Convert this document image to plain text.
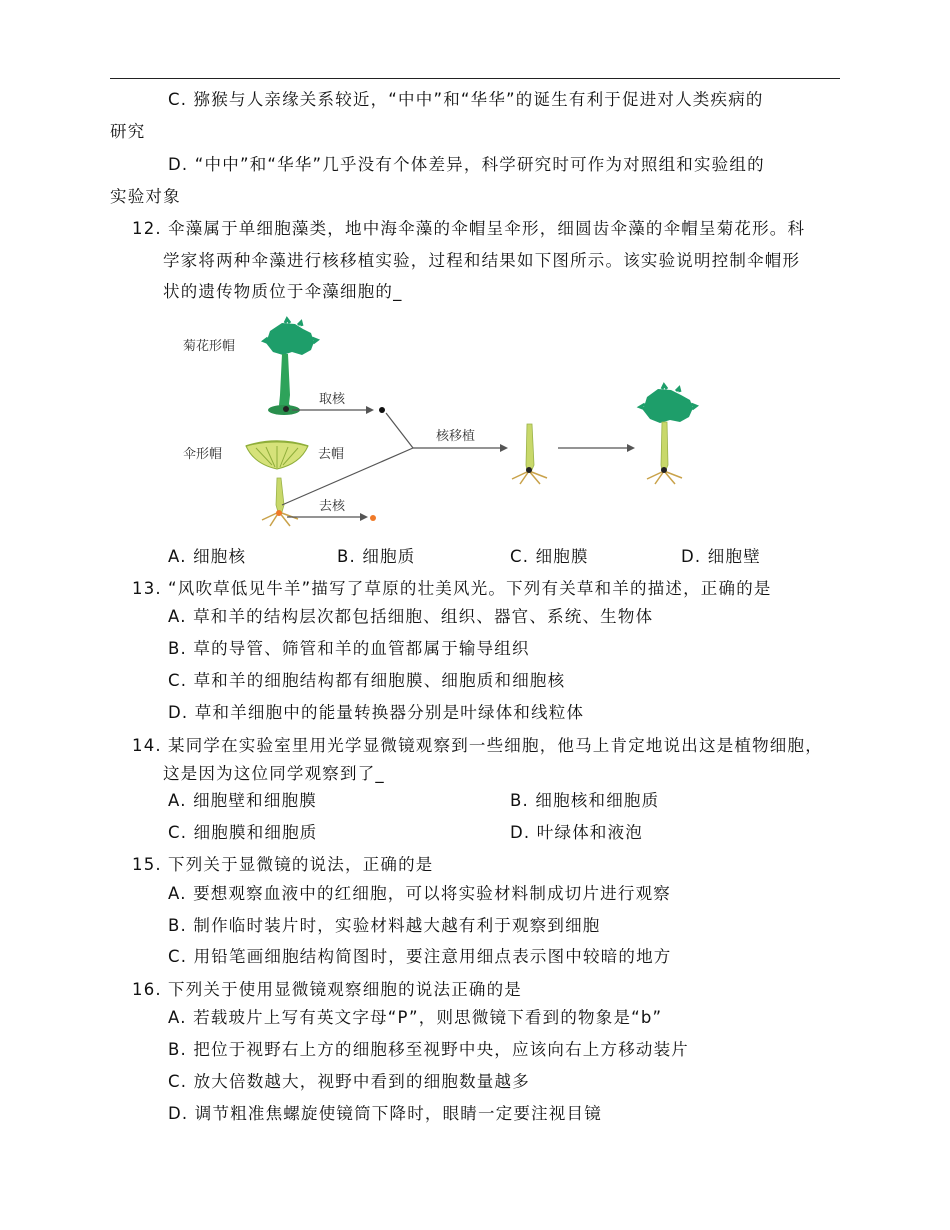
C. 猕猴与人亲缘关系较近，“中中”和“华华”的诞生有利于促进对人类疾病的
研究
D. “中中”和“华华”几乎没有个体差异，科学研究时可作为对照组和实验组的
实验对象
12. 伞藻属于单细胞藻类，地中海伞藻的伞帽呈伞形，细圆齿伞藻的伞帽呈菊花形。科
学家将两种伞藻进行核移植实验，过程和结果如下图所示。该实验说明控制伞帽形
状的遗传物质位于伞藻细胞的_
菊花形帽
取核
伞形帽	去帽
去核
核移植
A. 细胞核	B. 细胞质	C. 细胞膜	D. 细胞壁
13. “风吹草低见牛羊”描写了草原的壮美风光。下列有关草和羊的描述，正确的是
A. 草和羊的结构层次都包括细胞、组织、器官、系统、生物体
B. 草的导管、筛管和羊的血管都属于输导组织
C. 草和羊的细胞结构都有细胞膜、细胞质和细胞核
D. 草和羊细胞中的能量转换器分别是叶绿体和线粒体
14. 某同学在实验室里用光学显微镜观察到一些细胞，他马上肯定地说出这是植物细胞，
这是因为这位同学观察到了_
A. 细胞壁和细胞膜	B. 细胞核和细胞质
C. 细胞膜和细胞质	D. 叶绿体和液泡
15. 下列关于显微镜的说法，正确的是
A. 要想观察血液中的红细胞，可以将实验材料制成切片进行观察
B. 制作临时装片时，实验材料越大越有利于观察到细胞
C. 用铅笔画细胞结构简图时，要注意用细点表示图中较暗的地方
16. 下列关于使用显微镜观察细胞的说法正确的是
A. 若载玻片上写有英文字母“P”，则思微镜下看到的物象是“b”
B. 把位于视野右上方的细胞移至视野中央，应该向右上方移动装片
C. 放大倍数越大，视野中看到的细胞数量越多
D. 调节粗准焦螺旋使镜筒下降时，眼睛一定要注视目镜
